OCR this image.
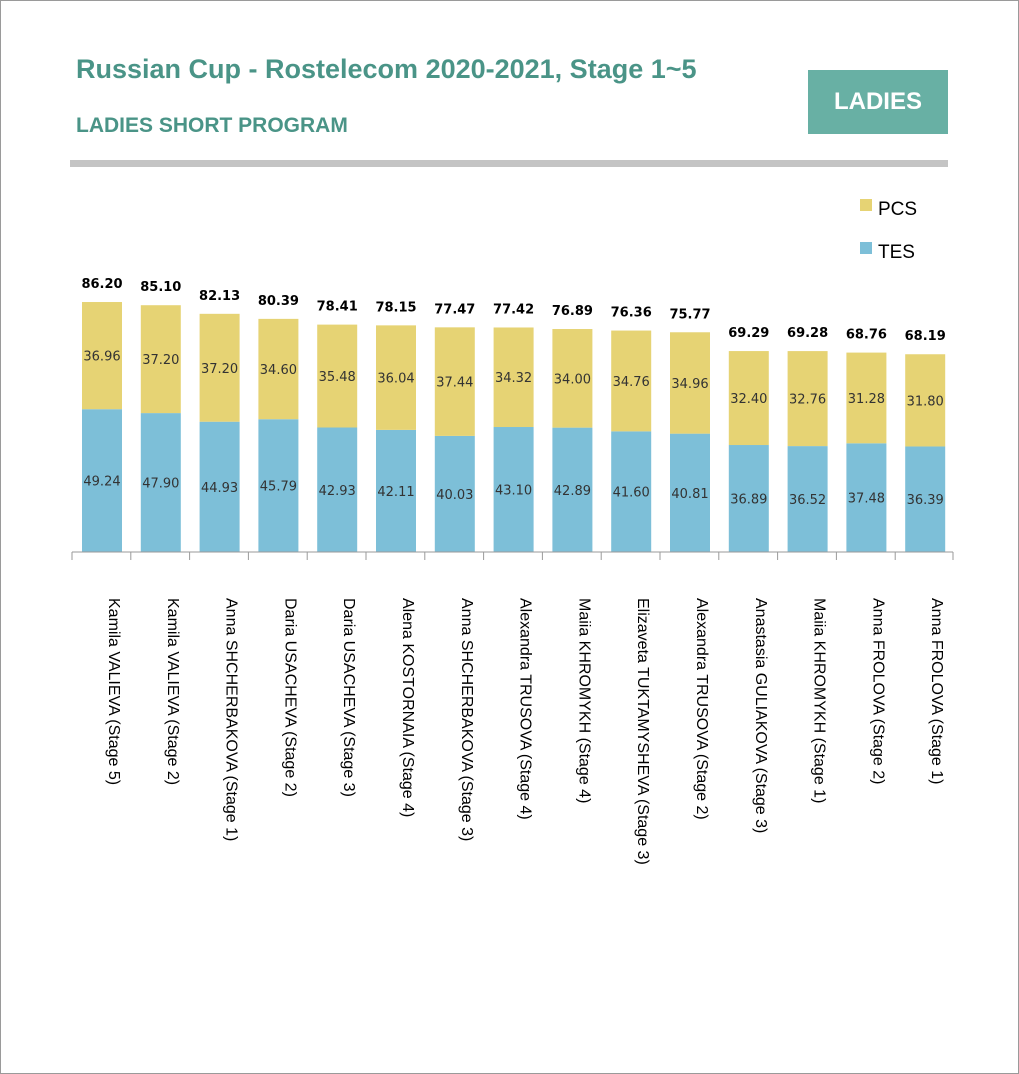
Russian Cup - Rostelecom 2020-2021, Stage 1~5
LADIES SHORT PROGRAM
LADIES
PCS
TES
49.24
36.96
86.20
47.90
37.20
85.10
44.93
37.20
82.13
45.79
34.60
80.39
42.93
35.48
78.41
42.11
36.04
78.15
40.03
37.44
77.47
43.10
34.32
77.42
42.89
34.00
76.89
41.60
34.76
76.36
40.81
34.96
75.77
36.89
32.40
69.29
36.52
32.76
69.28
37.48
31.28
68.76
36.39
31.80
68.19
Kamila VALIEVA (Stage 5)	Kamila VALIEVA (Stage 2)	Anna SHCHERBAKOVA (Stage 1)	Daria USACHEVA (Stage 2)	Daria USACHEVA (Stage 3)	Alena KOSTORNAIA (Stage 4)	Anna SHCHERBAKOVA (Stage 3)	Alexandra TRUSOVA (Stage 4)	Maiia KHROMYKH (Stage 4)	Elizaveta TUKTAMYSHEVA (Stage 3)	Alexandra TRUSOVA (Stage 2)	Anastasia GULIAKOVA (Stage 3)	Maiia KHROMYKH (Stage 1)	Anna FROLOVA (Stage 2)	Anna FROLOVA (Stage 1)
